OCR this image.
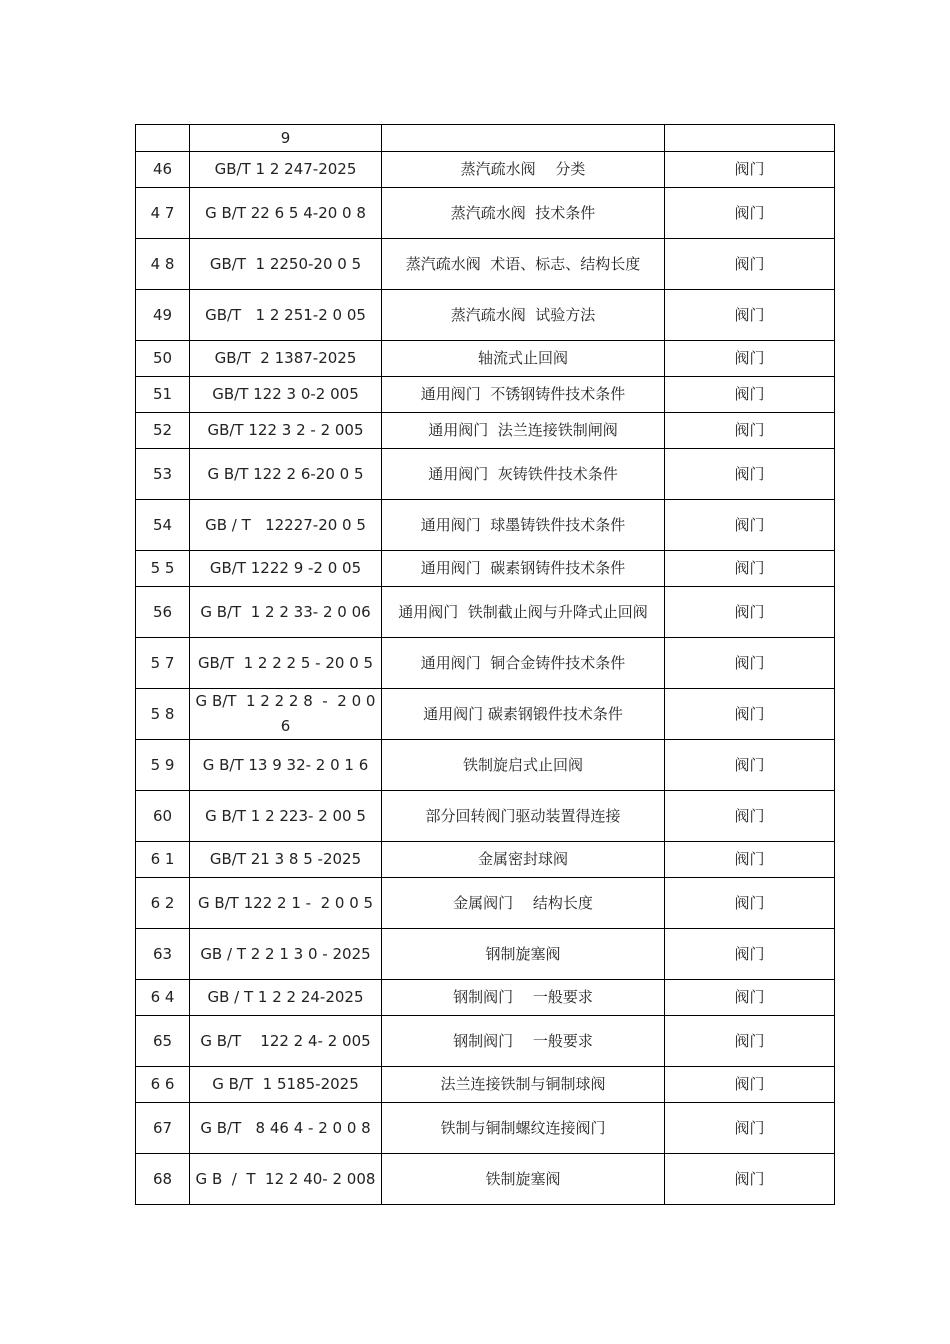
	9		
46	GB/T 1 2 247-2025	蒸汽疏水阀　 分类	阀门
4 7	G B/T 22 6 5 4-20 0 8	蒸汽疏水阀  技术条件	阀门
4 8	GB/T  1 2250-20 0 5	蒸汽疏水阀  术语、标志、结构长度	阀门
49	GB/T   1 2 251-2 0 05	蒸汽疏水阀  试验方法	阀门
50	GB/T  2 1387-2025	轴流式止回阀	阀门
51	GB/T 122 3 0-2 005	通用阀门  不锈钢铸件技术条件	阀门
52	GB/T 122 3 2 - 2 005	通用阀门  法兰连接铁制闸阀	阀门
53	G B/T 122 2 6-20 0 5	通用阀门  灰铸铁件技术条件	阀门
54	GB / T   12227-20 0 5	通用阀门  球墨铸铁件技术条件	阀门
5 5	GB/T 1222 9 -2 0 05	通用阀门  碳素钢铸件技术条件	阀门
56	G B/T  1 2 2 33- 2 0 06	通用阀门  铁制截止阀与升降式止回阀	阀门
5 7	GB/T  1 2 2 2 5 - 20 0 5	通用阀门  铜合金铸件技术条件	阀门
5 8	G B/T  1 2 2 2 8  -  2 0 06	通用阀门 碳素钢锻件技术条件	阀门
5 9	G B/T 13 9 32- 2 0 1 6	铁制旋启式止回阀	阀门
60	G B/T 1 2 223- 2 00 5	部分回转阀门驱动装置得连接	阀门
6 1	GB/T 21 3 8 5 -2025	金属密封球阀	阀门
6 2	G B/T 122 2 1 -  2 0 0 5	金属阀门　 结构长度	阀门
63	GB / T 2 2 1 3 0 - 2025	钢制旋塞阀	阀门
6 4	GB / T 1 2 2 24-2025	钢制阀门　 一般要求	阀门
65	G B/T    122 2 4- 2 005	钢制阀门　 一般要求	阀门
6 6	G B/T  1 5185-2025	法兰连接铁制与铜制球阀	阀门
67	G B/T   8 46 4 - 2 0 0 8	铁制与铜制螺纹连接阀门	阀门
68	G B  /  T  12 2 40- 2 008	铁制旋塞阀	阀门
